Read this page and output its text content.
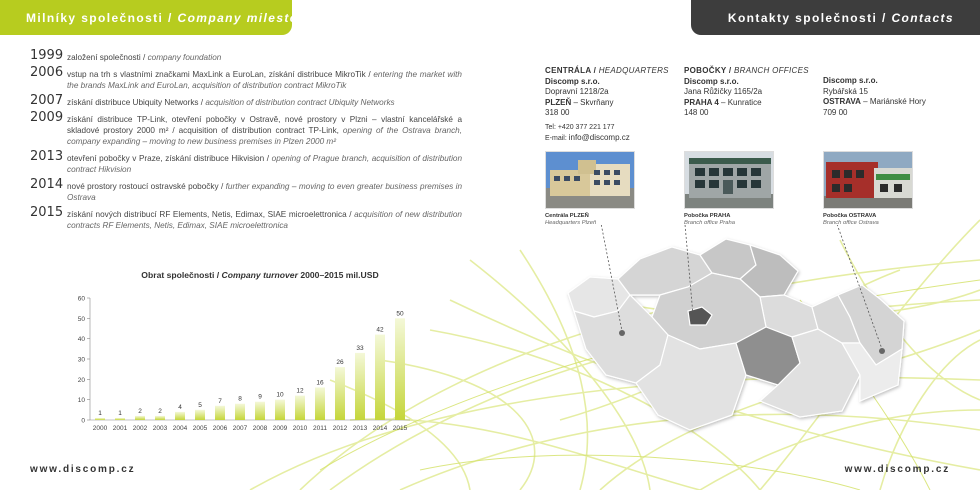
Milníky společnosti / Company milestones	Kontakty společnosti / Contacts
1999 založení společnosti / company foundation
2006 vstup na trh s vlastními značkami MaxLink a EuroLan, získání distribuce MikroTik / entering the market with the brands MaxLink and EuroLan, acquisition of distribution contract MikroTik
2007 získání distribuce Ubiquity Networks / acquisition of distribution contract Ubiquity Networks
2009 získání distribuce TP-Link, otevření pobočky v Ostravě, nové prostory v Plzni – vlastní kancelářské a skladové prostory 2000 m² / acquisition of distribution contract TP-Link, opening of the Ostrava branch, company expanding – moving to new business premises in Plzen 2000 m²
2013 otevření pobočky v Praze, získání distribuce Hikvision / opening of Prague branch, acquisition of distribution contract Hikvision
2014 nové prostory rostoucí ostravské pobočky / further expanding – moving to even greater business premises in Ostrava
2015 získání nových distribucí RF Elements, Netis, Edimax, SIAE microelettronica / acquisition of new distribution contracts RF Elements, Netis, Edimax, SIAE microelettronica
Obrat společnosti / Company turnover 2000–2015 mil.USD
0
10
20
30
40
50
60
1
2000
1
2001
2
2002
2
2003
4
2004
5
2005
7
2006
8
2007
9
2008
10
2009
12
2010
16
2011
26
2012
33
2013
42
2014
50
2015
CENTRÁLA / HEADQUARTERS
Discomp s.r.o.
Dopravní 1218/2a
PLZEŇ – Skvrňany
318 00
Tel: +420 377 221 177
E-mail: info@discomp.cz
POBOČKY / BRANCH OFFICES
Discomp s.r.o.
Jana Růžičky 1165/2a
PRAHA 4 – Kunratice
148 00
Discomp s.r.o.
Rybářská 15
OSTRAVA – Mariánské Hory
709 00
Centrála PLZEŇ
Headquarters Plzeň
Pobočka PRAHA
Branch office Praha
Pobočka OSTRAVA
Branch office Ostrava
www.discomp.cz	www.discomp.cz
